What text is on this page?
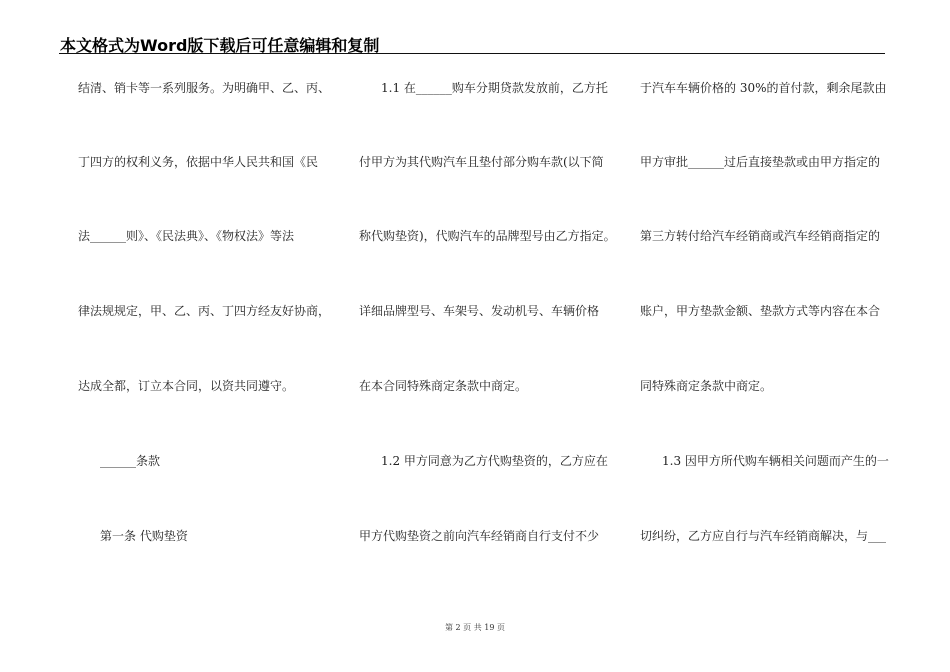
本文格式为Word版下载后可任意编辑和复制
结清、销卡等一系列服务。为明确甲、乙、丙、
丁四方的权利义务，依据中华人民共和国《民
法______则》、《民法典》、《物权法》等法
律法规规定，甲、乙、丙、丁四方经友好协商，
达成全都，订立本合同，以资共同遵守。
______条款
第一条 代购垫资
1.1 在______购车分期贷款发放前，乙方托
付甲方为其代购汽车且垫付部分购车款(以下简
称代购垫资)，代购汽车的品牌型号由乙方指定。
详细品牌型号、车架号、发动机号、车辆价格
在本合同特殊商定条款中商定。
1.2 甲方同意为乙方代购垫资的，乙方应在
甲方代购垫资之前向汽车经销商自行支付不少
于汽车车辆价格的 30%的首付款，剩余尾款由
甲方审批______过后直接垫款或由甲方指定的
第三方转付给汽车经销商或汽车经销商指定的
账户，甲方垫款金额、垫款方式等内容在本合
同特殊商定条款中商定。
1.3 因甲方所代购车辆相关问题而产生的一
切纠纷，乙方应自行与汽车经销商解决，与___
第 2 页 共 19 页
